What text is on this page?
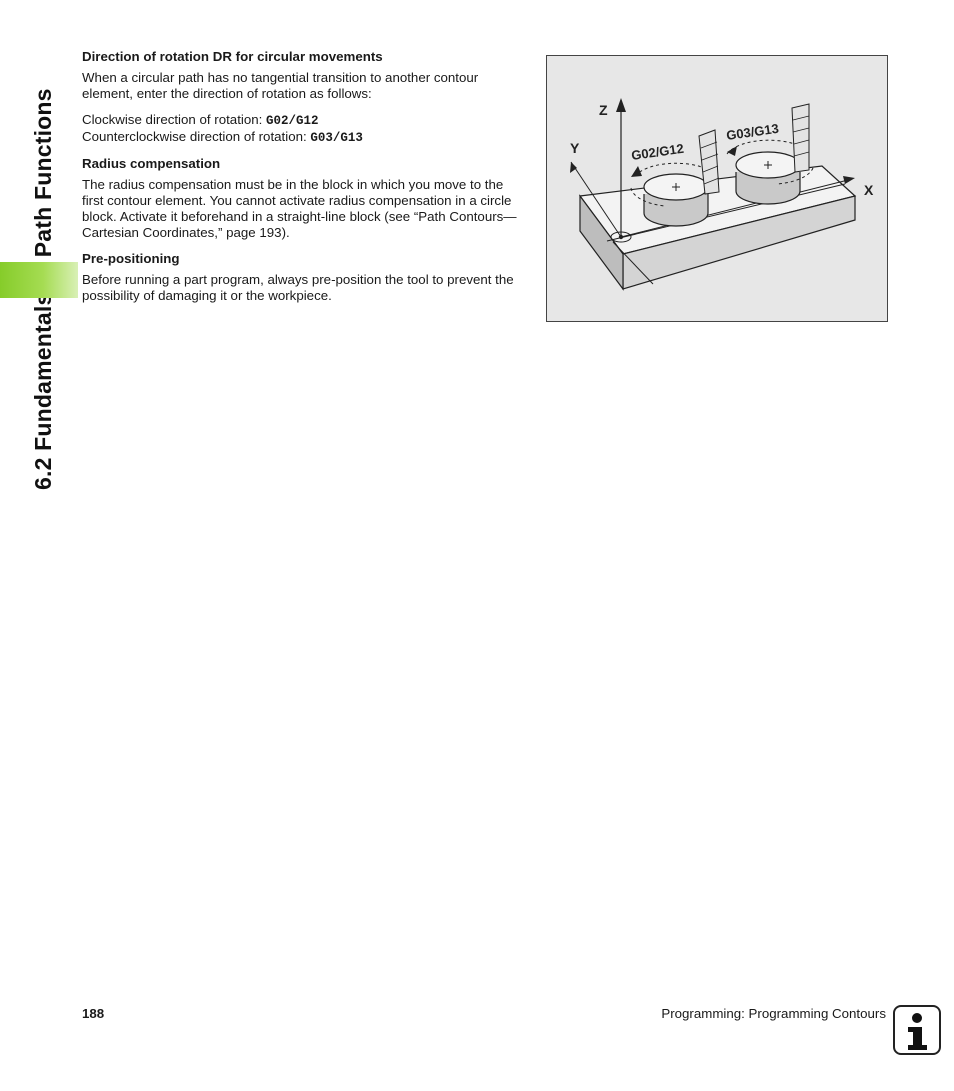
Direction of rotation DR for circular movements

When a circular path has no tangential transition to another contour element, enter the direction of rotation as follows:

Clockwise direction of rotation: G02/G12
Counterclockwise direction of rotation: G03/G13
Radius compensation

The radius compensation must be in the block in which you move to the first contour element. You cannot activate radius compensation in a circle block. Activate it beforehand in a straight-line block (see “Path Contours—Cartesian Coordinates,” page 193).

Pre-positioning

Before running a part program, always pre-position the tool to prevent the possibility of damaging it or the workpiece.

Z
Y
X
G02/G12
G03/G13
188	Programming: Programming Contours
